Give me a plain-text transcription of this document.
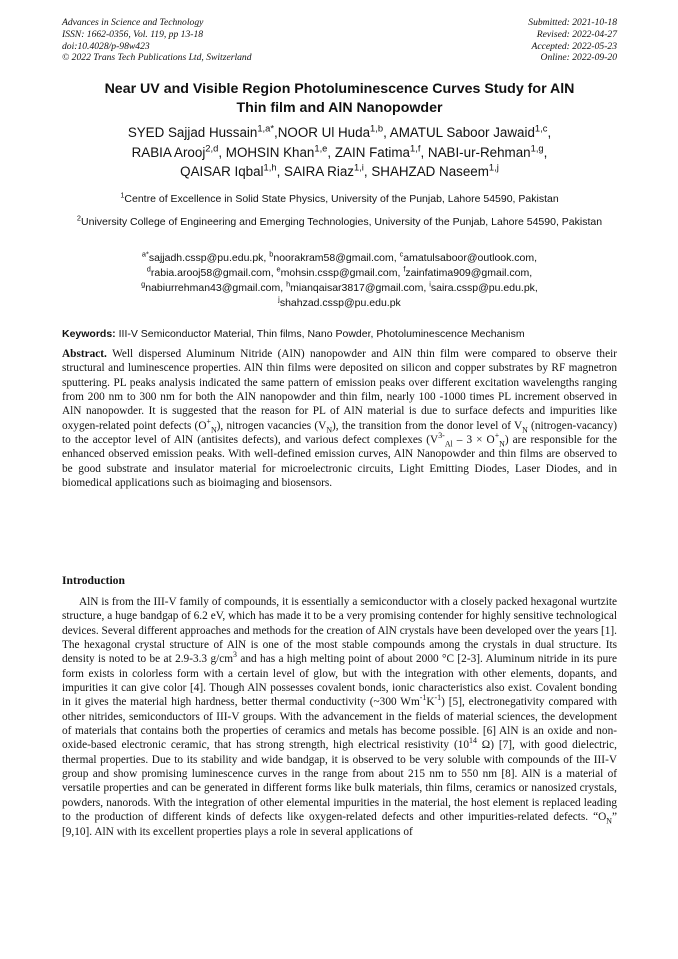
Advances in Science and Technology
ISSN: 1662-0356, Vol. 119, pp 13-18
doi:10.4028/p-98w423
© 2022 Trans Tech Publications Ltd, Switzerland
Submitted: 2021-10-18
Revised: 2022-04-27
Accepted: 2022-05-23
Online: 2022-09-20
Near UV and Visible Region Photoluminescence Curves Study for AlN
Thin film and AlN Nanopowder
SYED Sajjad Hussain$^{1,a*}$,NOOR Ul Huda$^{1,b}$, AMATUL Saboor Jawaid$^{1,c}$,
RABIA Arooj$^{2,d}$, MOHSIN Khan$^{1,e}$, ZAIN Fatima$^{1,f}$, NABI-ur-Rehman$^{1,g}$,
QAISAR Iqbal$^{1,h}$, SAIRA Riaz$^{1,i}$, SHAHZAD Naseem$^{1,j}$
$^1$Centre of Excellence in Solid State Physics, University of the Punjab, Lahore 54590, Pakistan
$^2$University College of Engineering and Emerging Technologies, University of the Punjab, Lahore 54590, Pakistan
$^{a*}$sajjadh.cssp@pu.edu.pk, $^b$noorakram58@gmail.com, $^c$amatulsaboor@outlook.com,
$^d$rabia.arooj58@gmail.com, $^e$mohsin.cssp@gmail.com, $^f$zainfatima909@gmail.com,
$^g$nabiurrehman43@gmail.com, $^h$mianqaisar3817@gmail.com, $^i$saira.cssp@pu.edu.pk,
$^j$shahzad.cssp@pu.edu.pk
Keywords: III-V Semiconductor Material, Thin films, Nano Powder, Photoluminescence Mechanism

Abstract. Well dispersed Aluminum Nitride (AlN) nanopowder and AlN thin film were compared to observe their structural and luminescence properties. AlN thin films were deposited on silicon and copper substrates by RF magnetron sputtering. PL peaks analysis indicated the same pattern of emission peaks over different excitation wavelengths ranging from 200 nm to 300 nm for both the AlN nanopowder and thin film, nearly 100 -1000 times PL increment observed in AlN nanopowder. It is suggested that the reason for PL of AlN material is due to surface defects and impurities like oxygen-related point defects $(O^+_N)$, nitrogen vacancies $(V_N)$, the transition from the donor level of $V_N$ (nitrogen-vacancy) to the acceptor level of AlN (antisites defects), and various defect complexes $(V^{3-}_{Al} - 3 \times O^+_N)$ are responsible for the enhanced observed emission peaks. With well-defined emission curves, AlN Nanopowder and thin films are observed to be good substrate and insulator material for microelectronic circuits, Light Emitting Diodes, Laser Diodes, and in biomedical applications such as bioimaging and biosensors.

Introduction

AlN is from the III-V family of compounds, it is essentially a semiconductor with a closely packed hexagonal wurtzite structure, a huge bandgap of 6.2 eV, which has made it to be a very promising contender for highly sensitive technological devices. Several different approaches and methods for the creation of AlN crystals have been developed over the years [1]. The hexagonal crystal structure of AlN is one of the most stable compounds among the crystals in dual structure. Its density is noted to be at 2.9-3.3 $g/cm^3$ and has a high melting point of about 2000 °C [2-3]. Aluminum nitride in its pure form exists in colorless form with a certain level of glow, but with the integration with other elements, dopants, and impurities it can give color [4]. Though AlN possesses covalent bonds, ionic characteristics also exist. Covalent bonding in it gives the material high hardness, better thermal conductivity (~300 $Wm^{-1}K^{-1}$) [5], electronegativity compared with other nitrides, semiconductors of III-V groups. With the advancement in the fields of material sciences, the development of materials that contains both the properties of ceramics and metals has become possible. [6] AlN is an oxide and non-oxide-based electronic ceramic, that has strong strength, high electrical resistivity ($10^{14}$ Ω) [7], with good dielectric, thermal properties. Due to its stability and wide bandgap, it is observed to be very soluble with compounds of the III-V group and show promising luminescence curves in the range from about 215 nm to 550 nm [8]. AlN is a material of versatile properties and can be generated in different forms like bulk materials, thin films, ceramics or nanosized crystals, powders, nanorods. With the integration of other elemental impurities in the material, the host element is replaced leading to the production of different kinds of defects like oxygen-related defects and other impurities-related defects. “$O_N$” [9,10]. AlN with its excellent properties plays a role in several applications of
